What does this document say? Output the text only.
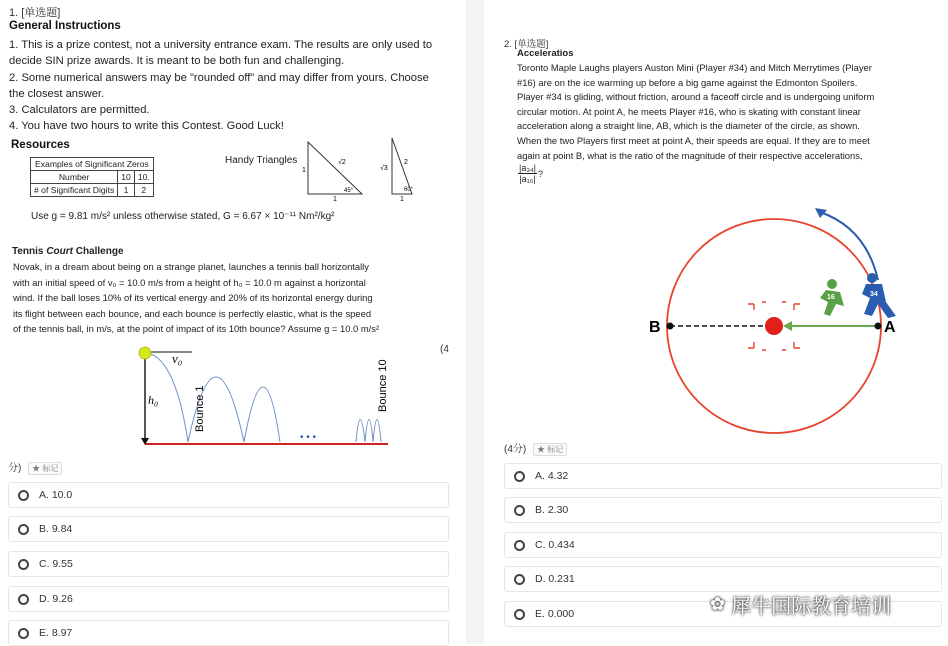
1. [单选题]
General Instructions
1. This is a prize contest, not a university entrance exam. The results are only used to
decide SIN prize awards. It is meant to be both fun and challenging.
2. Some numerical answers may be "rounded off" and may differ from yours. Choose
the closest answer.
3. Calculators are permitted.
4. You have two hours to write this Contest. Good Luck!
Resources
Examples of Significant Zeros		
Number	10	10.
# of Significant Digits	1	2
Handy Triangles	√2
1
1
45°
2
√3
1
60°
Use g = 9.81 m/s² unless otherwise stated, G = 6.67 × 10⁻¹¹ Nm²/kg²
Tennis Court Challenge
Novak, in a dream about being on a strange planet, launches a tennis ball horizontally
with an initial speed of v₀ = 10.0 m/s from a height of h₀ = 10.0 m against a horizontal
wind. If the ball loses 10% of its vertical energy and 20% of its horizontal energy during
its flight between each bounce, and each bounce is perfectly elastic, what is the speed
of the tennis ball, in m/s, at the point of impact of its 10th bounce? Assume g = 10.0 m/s²
(4
v₀
h₀
• • •
Bounce 1	Bounce 10
分) ★ 标记
A. 10.0
B. 9.84
C. 9.55
D. 9.26
E. 8.97
2. [单选题]
Acceleratios
Toronto Maple Laughs players Auston Mini (Player #34) and Mitch Merrytimes (Player
#16) are on the ice warming up before a big game against the Edmonton Spoilers.
Player #34 is gliding, without friction, around a faceoff circle and is undergoing uniform
circular motion. At point A, he meets Player #16, who is skating with constant linear
acceleration along a straight line, AB, which is the diameter of the circle, as shown.
When the two Players first meet at point A, their speeds are equal. If they are to meet
again at point B, what is the ratio of the magnitude of their respective accelerations,
$\frac{\text{|a₃₄|}}{\text{|a₁₆|}}$ ?
B	A
16	34
(4分) ★ 标记
A. 4.32
B. 2.30
C. 0.434
D. 0.231
E. 0.000	✿ 犀牛国际教育培训
